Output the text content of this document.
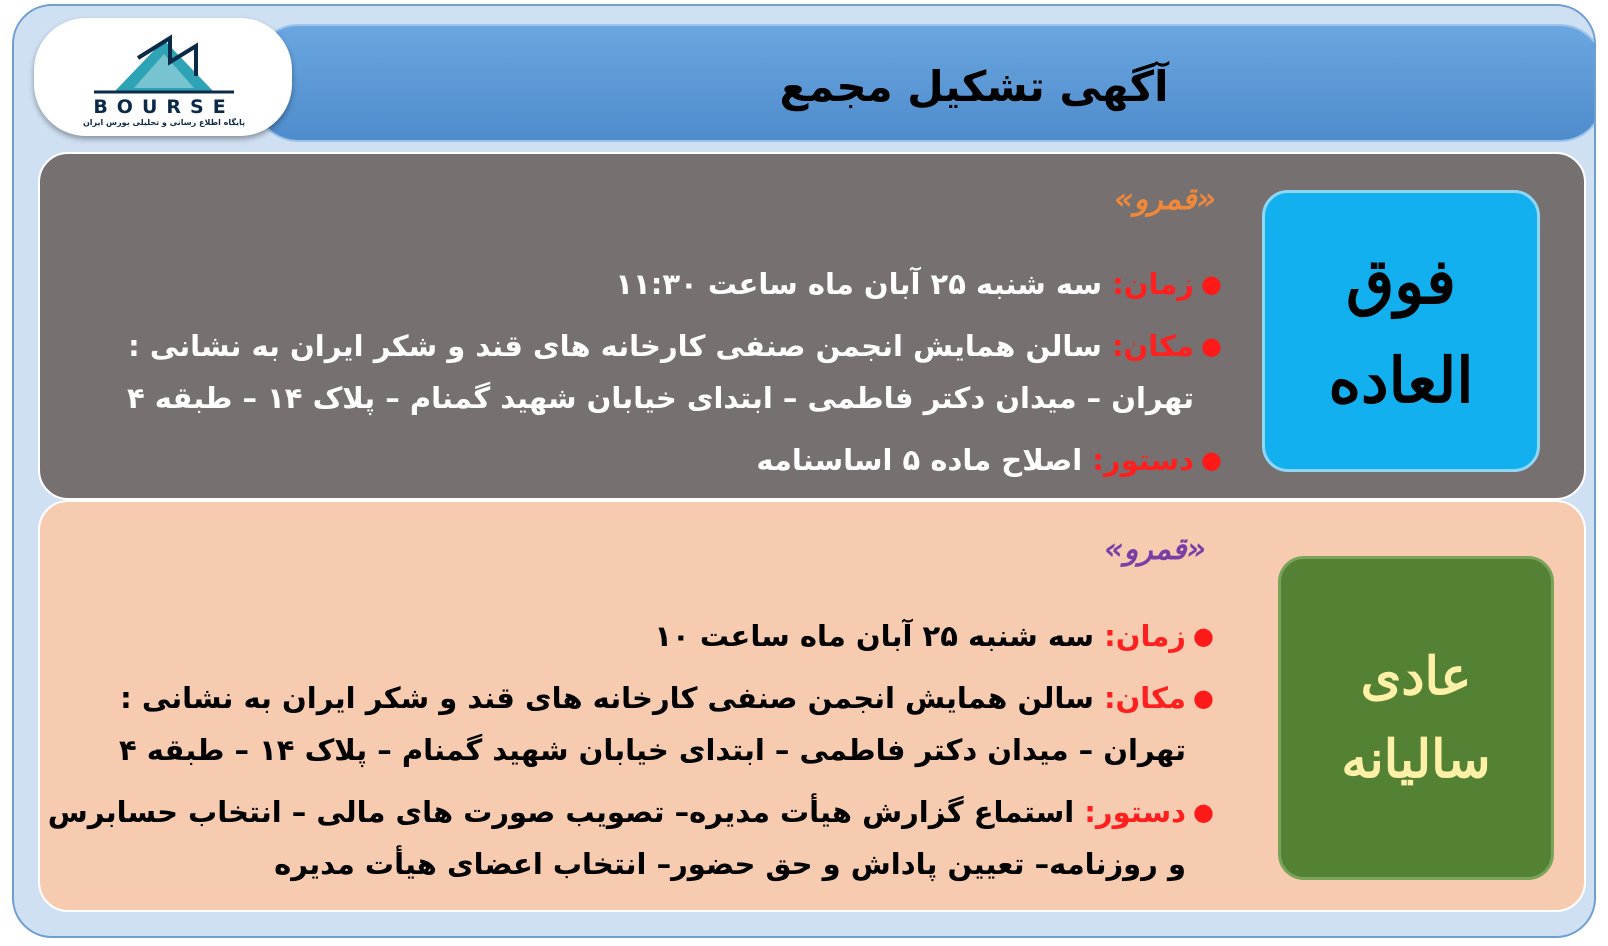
آگهی تشکیل مجمع
BOURSE
پایگاه اطلاع رسانی و تحلیلی بورس ایران
«قمرو»
●
زمان: سه شنبه ۲۵ آبان ماه ساعت ۱۱:۳۰
●
مکان: سالن همایش انجمن صنفی کارخانه های قند و شکر ایران به نشانی : تهران – میدان دکتر فاطمی – ابتدای خیابان شهید گمنام – پلاک ۱۴ – طبقه ۴
●
دستور: اصلاح ماده ۵ اساسنامه
فوق
العاده
«قمرو»
●
زمان: سه شنبه ۲۵ آبان ماه ساعت ۱۰
●
مکان: سالن همایش انجمن صنفی کارخانه های قند و شکر ایران به نشانی : تهران – میدان دکتر فاطمی – ابتدای خیابان شهید گمنام – پلاک ۱۴ – طبقه ۴
●
دستور: استماع گزارش هیأت مدیره– تصویب صورت های مالی – انتخاب حسابرس و روزنامه– تعیین پاداش و حق حضور– انتخاب اعضای هیأت مدیره
عادی
سالیانه
